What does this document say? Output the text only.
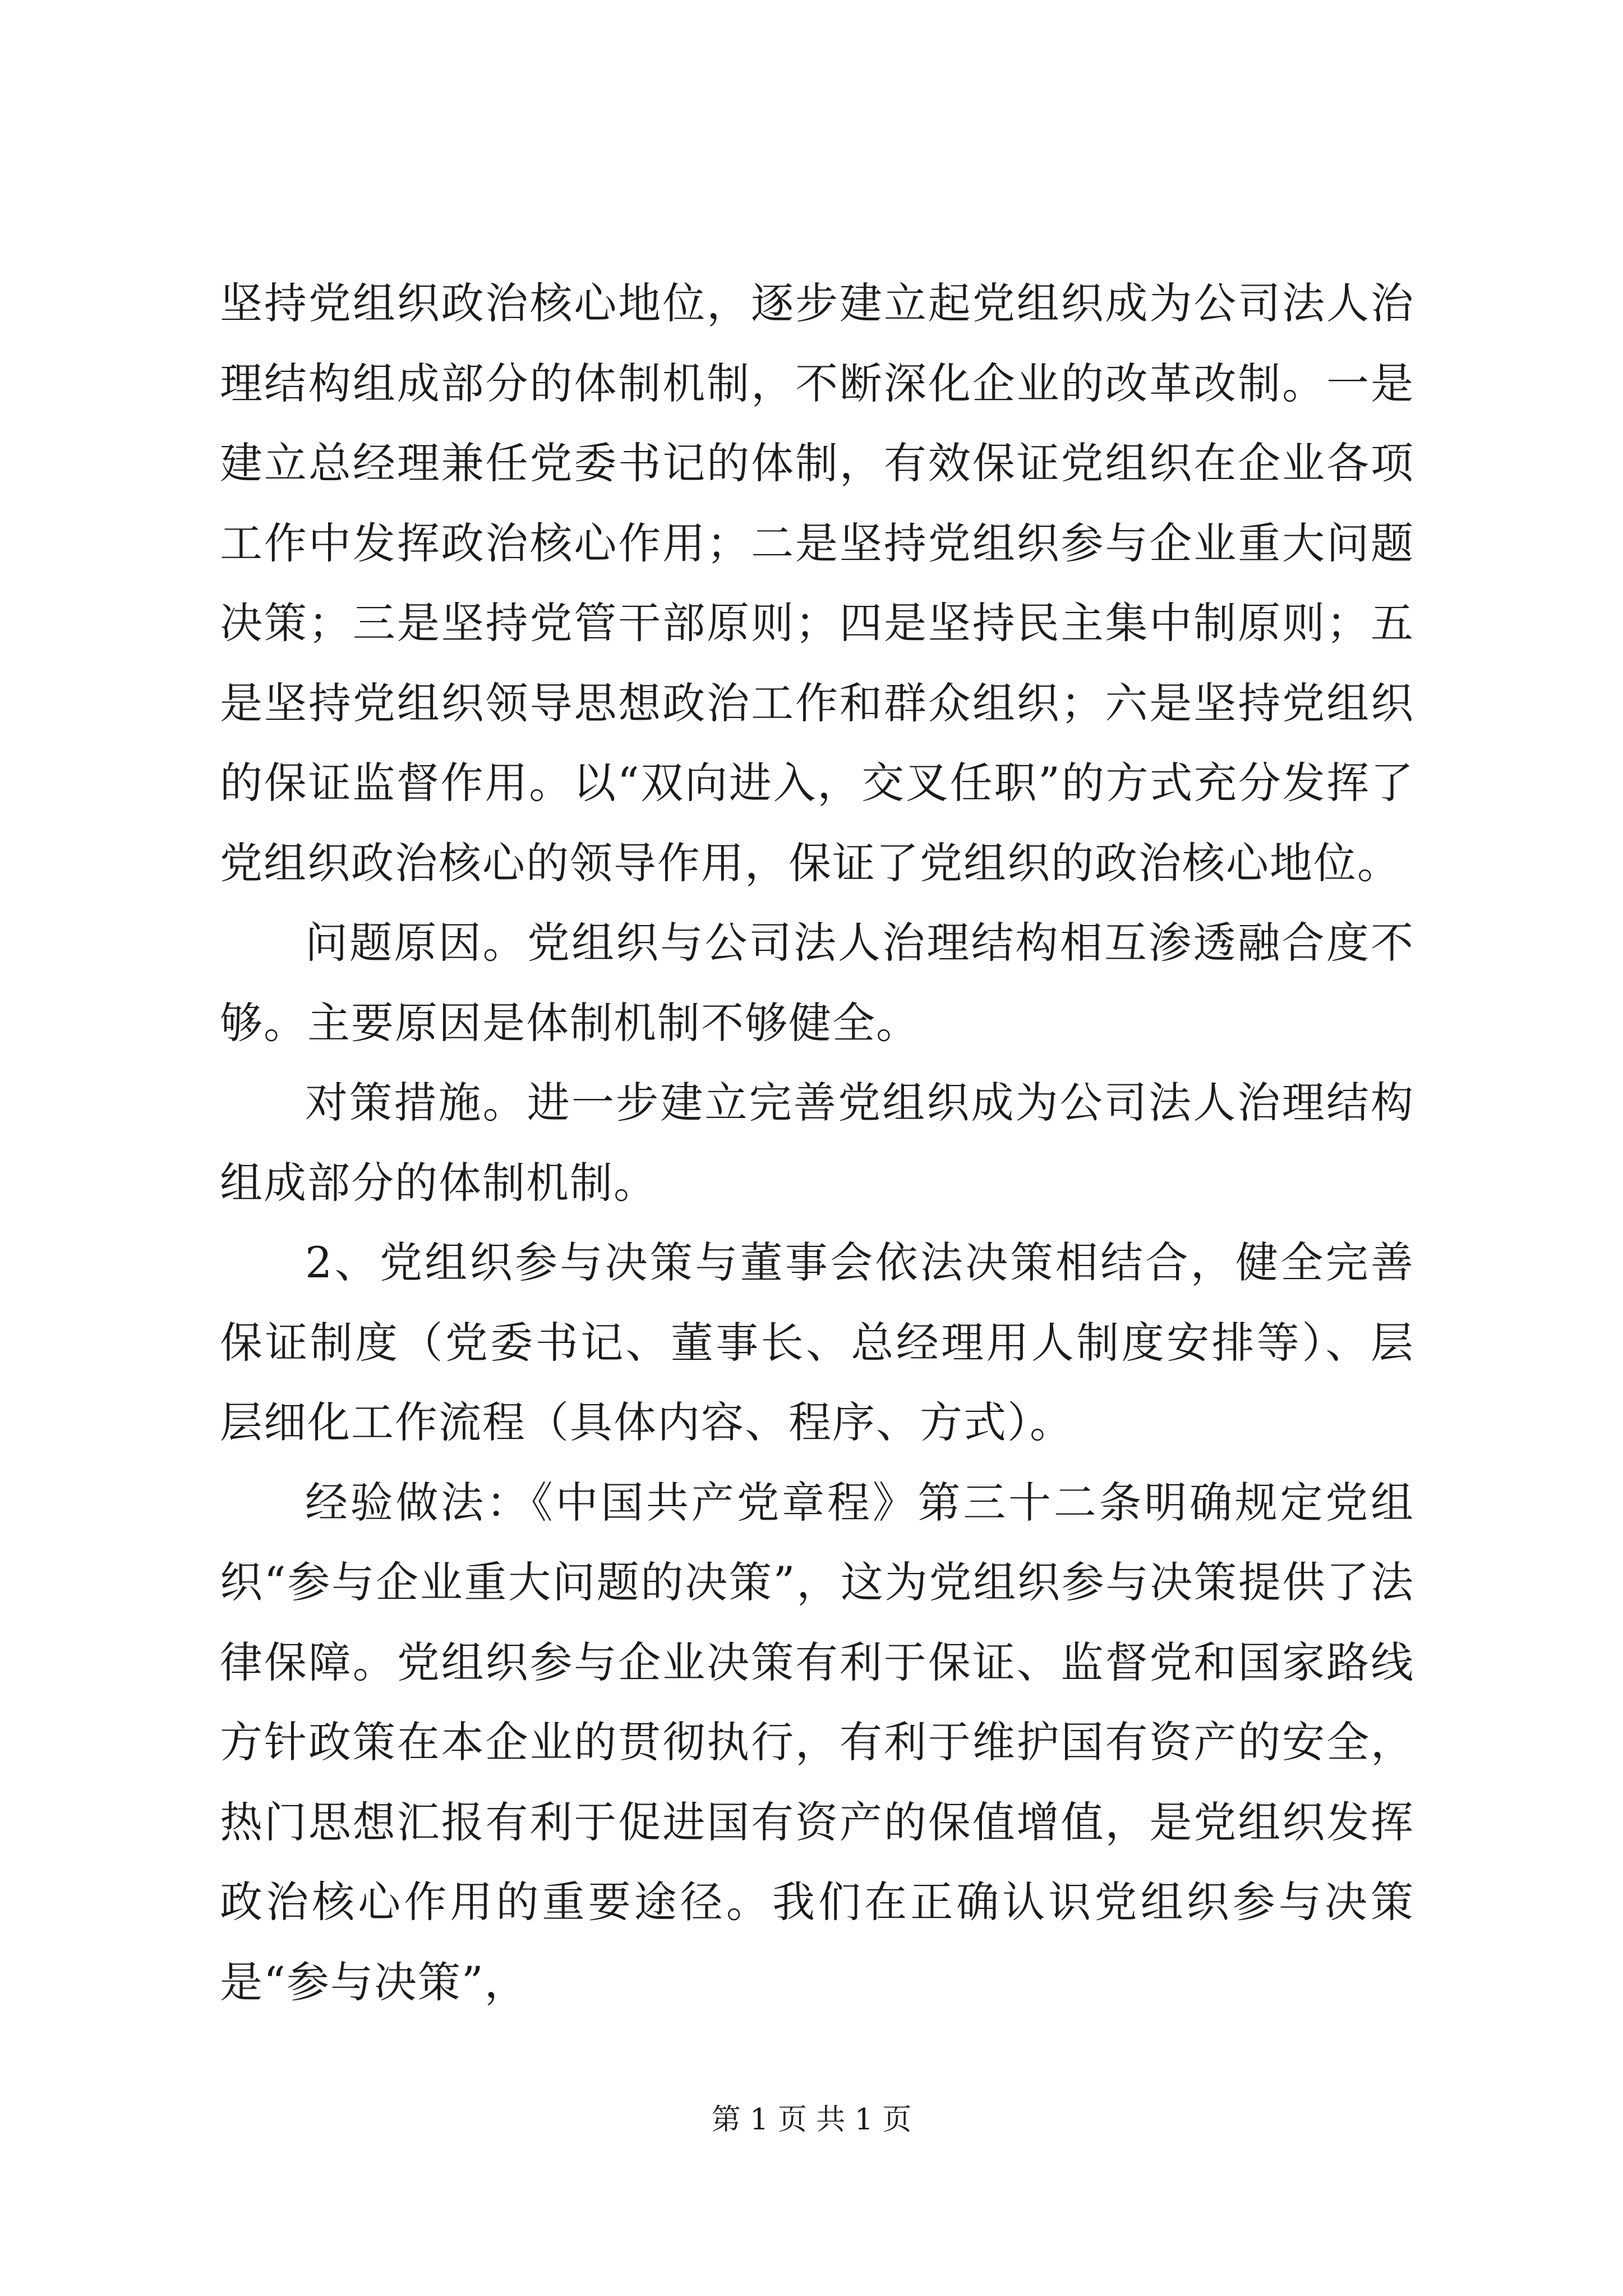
坚持党组织政治核心地位，逐步建立起党组织成为公司法人治理结构组成部分的体制机制，不断深化企业的改革改制。一是建立总经理兼任党委书记的体制，有效保证党组织在企业各项工作中发挥政治核心作用；二是坚持党组织参与企业重大问题决策；三是坚持党管干部原则；四是坚持民主集中制原则；五是坚持党组织领导思想政治工作和群众组织；六是坚持党组织的保证监督作用。以“双向进入，交叉任职”的方式充分发挥了党组织政治核心的领导作用，保证了党组织的政治核心地位。

问题原因。党组织与公司法人治理结构相互渗透融合度不够。主要原因是体制机制不够健全。

对策措施。进一步建立完善党组织成为公司法人治理结构组成部分的体制机制。

2、党组织参与决策与董事会依法决策相结合，健全完善保证制度（党委书记、董事长、总经理用人制度安排等）、层层细化工作流程（具体内容、程序、方式）。

经验做法：《中国共产党章程》第三十二条明确规定党组织“参与企业重大问题的决策”，这为党组织参与决策提供了法律保障。党组织参与企业决策有利于保证、监督党和国家路线方针政策在本企业的贯彻执行，有利于维护国有资产的安全，热门思想汇报有利于促进国有资产的保值增值，是党组织发挥政治核心作用的重要途径。我们在正确认识党组织参与决策是“参与决策”，

第 1 页 共 1 页
